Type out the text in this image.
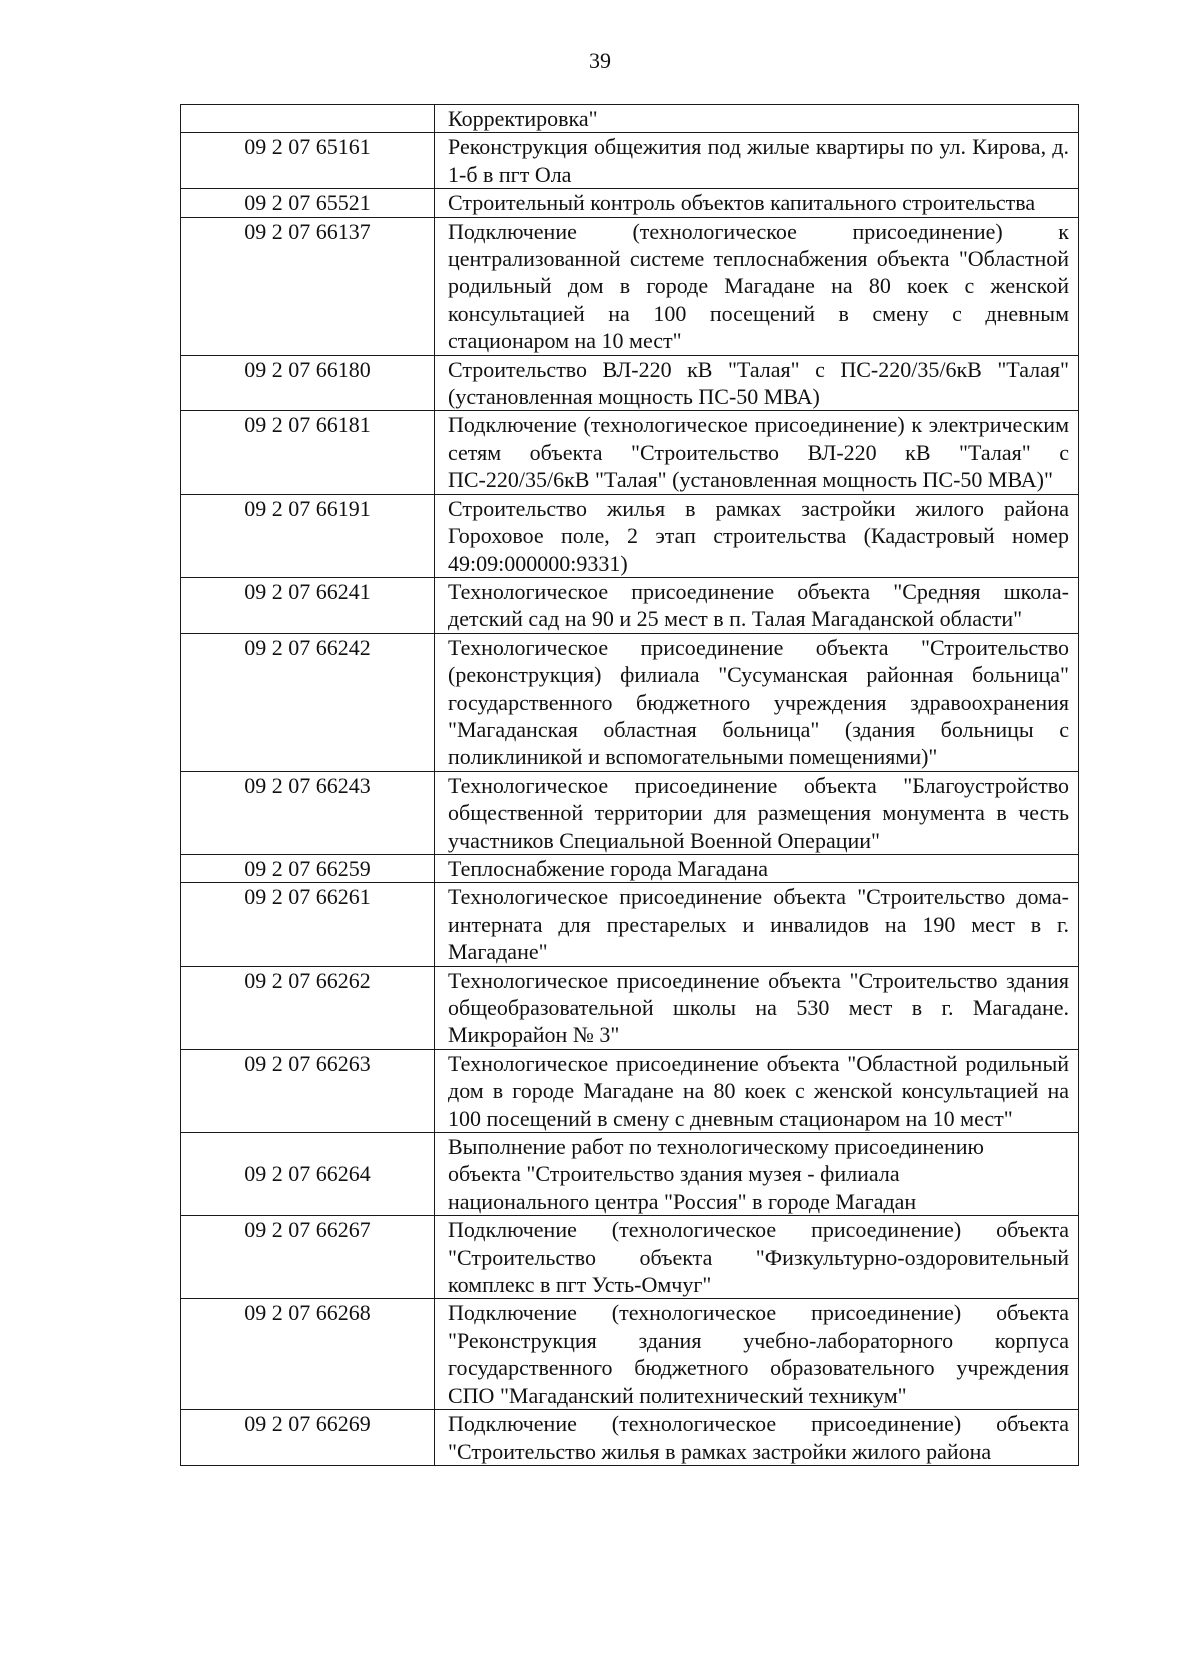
39
	Корректировка"
09 2 07 65161	Реконструкция общежития под жилые квартиры по ул. Кирова, д. 1-б в пгт Ола
09 2 07 65521	Строительный контроль объектов капитального строительства
09 2 07 66137	Подключение (технологическое присоединение) к централизованной системе теплоснабжения объекта "Областной родильный дом в городе Магадане на 80 коек с женской консультацией на 100 посещений в смену с дневным стационаром на 10 мест"
09 2 07 66180	Строительство ВЛ-220 кВ "Талая" с ПС-220/35/6кВ "Талая" (установленная мощность ПС-50 МВА)
09 2 07 66181	Подключение (технологическое присоединение) к электрическим сетям объекта "Строительство ВЛ-220 кВ "Талая" с ПС-220/35/6кВ "Талая" (установленная мощность ПС-50 МВА)"
09 2 07 66191	Строительство жилья в рамках застройки жилого района Гороховое поле, 2 этап строительства (Кадастровый номер 49:09:000000:9331)
09 2 07 66241	Технологическое присоединение объекта "Средняя школа-детский сад на 90 и 25 мест в п. Талая Магаданской области"
09 2 07 66242	Технологическое присоединение объекта "Строительство (реконструкция) филиала "Сусуманская районная больница" государственного бюджетного учреждения здравоохранения "Магаданская областная больница" (здания больницы с поликлиникой и вспомогательными помещениями)"
09 2 07 66243	Технологическое присоединение объекта "Благоустройство общественной территории для размещения монумента в честь участников Специальной Военной Операции"
09 2 07 66259	Теплоснабжение города Магадана
09 2 07 66261	Технологическое присоединение объекта "Строительство дома-интерната для престарелых и инвалидов на 190 мест в г. Магадане"
09 2 07 66262	Технологическое присоединение объекта "Строительство здания общеобразовательной школы на 530 мест в г. Магадане. Микрорайон № 3"
09 2 07 66263	Технологическое присоединение объекта "Областной родильный дом в городе Магадане на 80 коек с женской консультацией на 100 посещений в смену с дневным стационаром на 10 мест"
09 2 07 66264	Выполнение работ по технологическому присоединению
объекта "Строительство здания музея - филиала
национального центра "Россия" в городе Магадан

09 2 07 66267	Подключение (технологическое присоединение) объекта "Строительство объекта "Физкультурно-оздоровительный комплекс в пгт Усть-Омчуг"
09 2 07 66268	Подключение (технологическое присоединение) объекта "Реконструкция здания учебно-лабораторного корпуса государственного бюджетного образовательного учреждения СПО "Магаданский политехнический техникум"
09 2 07 66269	Подключение (технологическое присоединение) объекта "Строительство жилья в рамках застройки жилого района
